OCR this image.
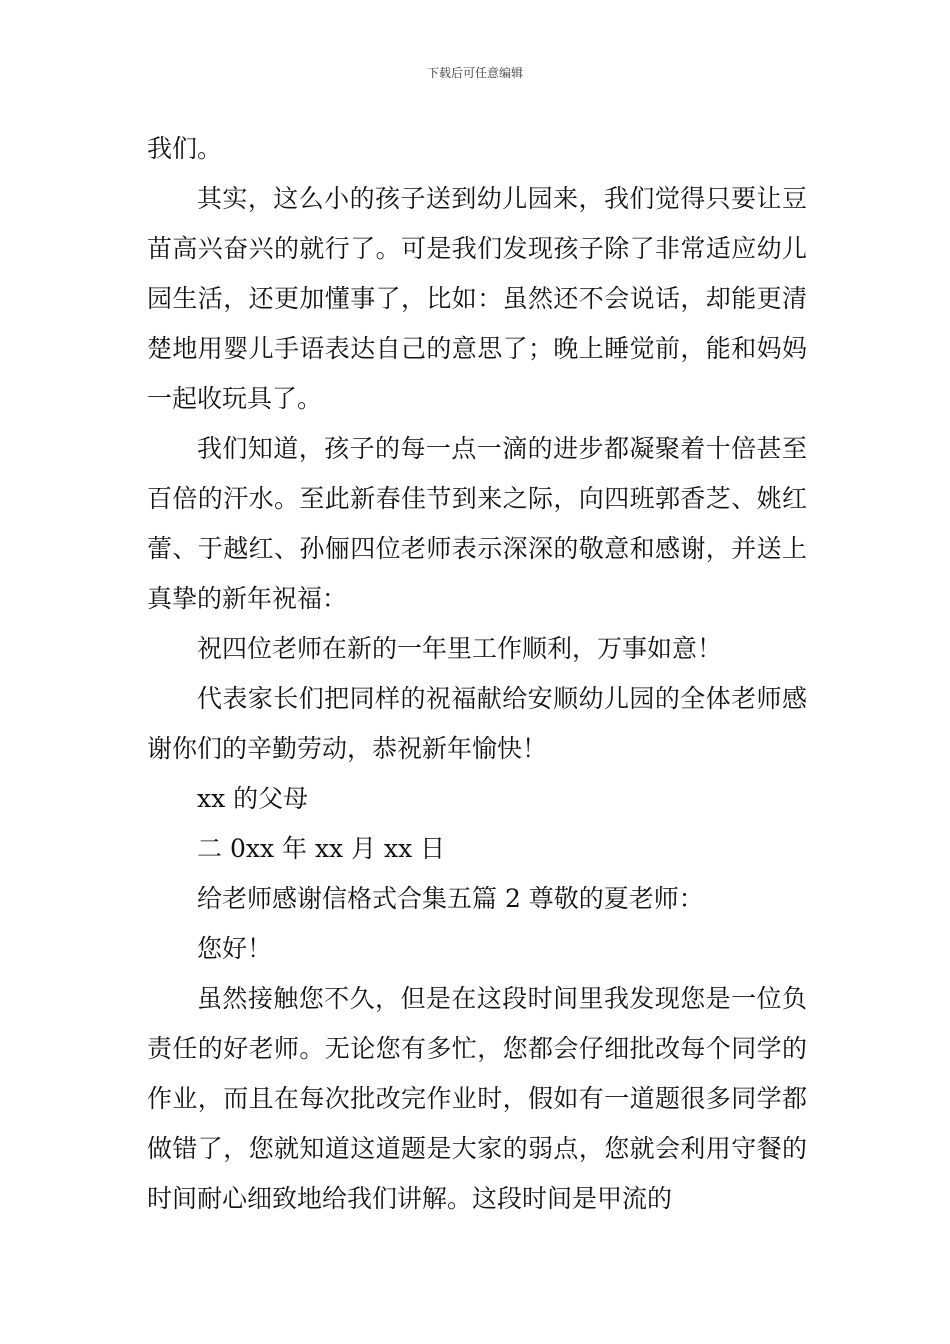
下载后可任意编辑

我们。

其实，这么小的孩子送到幼儿园来，我们觉得只要让豆苗高兴奋兴的就行了。可是我们发现孩子除了非常适应幼儿园生活，还更加懂事了，比如：虽然还不会说话，却能更清楚地用婴儿手语表达自己的意思了；晚上睡觉前，能和妈妈一起收玩具了。

我们知道，孩子的每一点一滴的进步都凝聚着十倍甚至百倍的汗水。至此新春佳节到来之际，向四班郭香芝、姚红蕾、于越红、孙俪四位老师表示深深的敬意和感谢，并送上真挚的新年祝福：

祝四位老师在新的一年里工作顺利，万事如意！

代表家长们把同样的祝福献给安顺幼儿园的全体老师感谢你们的辛勤劳动，恭祝新年愉快！

xx 的父母

二 0xx 年 xx 月 xx 日

给老师感谢信格式合集五篇 2 尊敬的夏老师：

您好！

虽然接触您不久，但是在这段时间里我发现您是一位负责任的好老师。无论您有多忙，您都会仔细批改每个同学的作业，而且在每次批改完作业时，假如有一道题很多同学都做错了，您就知道这道题是大家的弱点，您就会利用守餐的时间耐心细致地给我们讲解。这段时间是甲流的
